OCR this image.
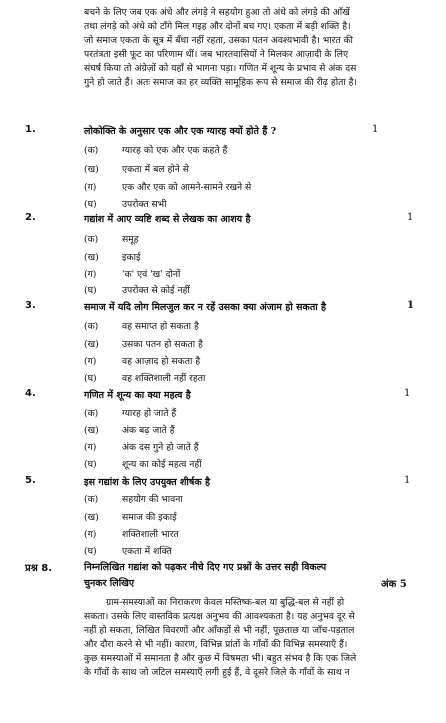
बचने के लिए जब एक अंधे और लंगड़े ने सहयोग हुआ तो अंधे को लंगड़े की आँखें

तथा लंगड़े को अंधे को टाँगे मिल गइह और दोनों बच गए। एकता में बड़ी शक्ति है।

जो समाज एकता के सूत्र में बँधा नहीं रहता, उसका पतन अवश्यभावी है। भारत की

परतंत्रता इसी फूट का परिणाम थीं। जब भारतवासियों ने मिलकर आज़ादी के लिए

संघर्ष किया तो अंग्रेज़ों को यहाँ से भागना पड़ा। गणित में शून्य के प्रभाव से अंक दस

गुने हो जाते हैं। अतः समाज का हर व्यक्ति सामूहिक रूप से समाज की रीढ़ होता है।

1.	लोकोक्ति के अनुसार एक और एक ग्यारह क्यों होते हैं ?	1
(क)	ग्यारह को एक और एक कहते हैं
(ख)	एकता में बल होने से
(ग)	एक और एक को आमने-सामने रखने से
(घ)	उपरोक्त सभी
2.	गद्यांश में आए व्यष्टि शब्द से लेखक का आशय है	1
(क)	समूह
(ख)	इकाई
(ग)	'क' एवं 'ख' दोनों
(घ)	उपरोक्त से कोई नहीं
3.	समाज में यदि लोग मिलजुल कर न रहें उसका क्या अंजाम हो सकता है	1
(क)	वह समाप्त हो सकता है
(ख)	उसका पतन हो सकता है
(ग)	वह आज़ाद हो सकता है
(घ)	वह शक्तिशाली नहीं रहता
4.	गणित में शून्य का क्या महत्व है	1
(क)	ग्यारह हो जाते हैं
(ख)	अंक बढ़ जाते हैं
(ग)	अंक दस गुने हो जाते हैं
(घ)	शून्य का कोई महत्व नहीं
5.	इस गद्यांश के लिए उपयुक्त शीर्षक है	1
(क)	सहयोग की भावना
(ख)	समाज की इकाई
(ग)	शक्तिशाली भारत
(घ)	एकता में शक्ति
प्रश्न 8.	निम्नलिखित गद्यांश को पढ़कर नीचे दिए गए प्रश्नों के उत्तर सही विकल्प
चुनकर लिखिए	अंक 5

ग्राम-समस्याओं का निराकरण केवल मस्तिष्क-बल या बुद्धि-बल से नहीं हो

सकता। उसके लिए वास्तविक प्रत्यक्ष अनुभव की आवश्यकता है। यह अनुभव दूर से

नहीं हो सकता, लिखित विवरणों और आँकड़ों से भी नहीं, पूछताछ या जाँच-पड़ताल

और दौरा करने से भी नहीं। कारण, विभिन्न प्रांतों के गाँवों की विभिन्न समस्याएँ हैं।

कुछ समस्याओं में समानता है और कुछ में विषमता भी। बहुत संभव है कि एक जिले

के गाँवों के साथ जो जटिल समस्याएँ लगी हुई हैं, वे दूसरे जिले के गाँवों के साथ न
